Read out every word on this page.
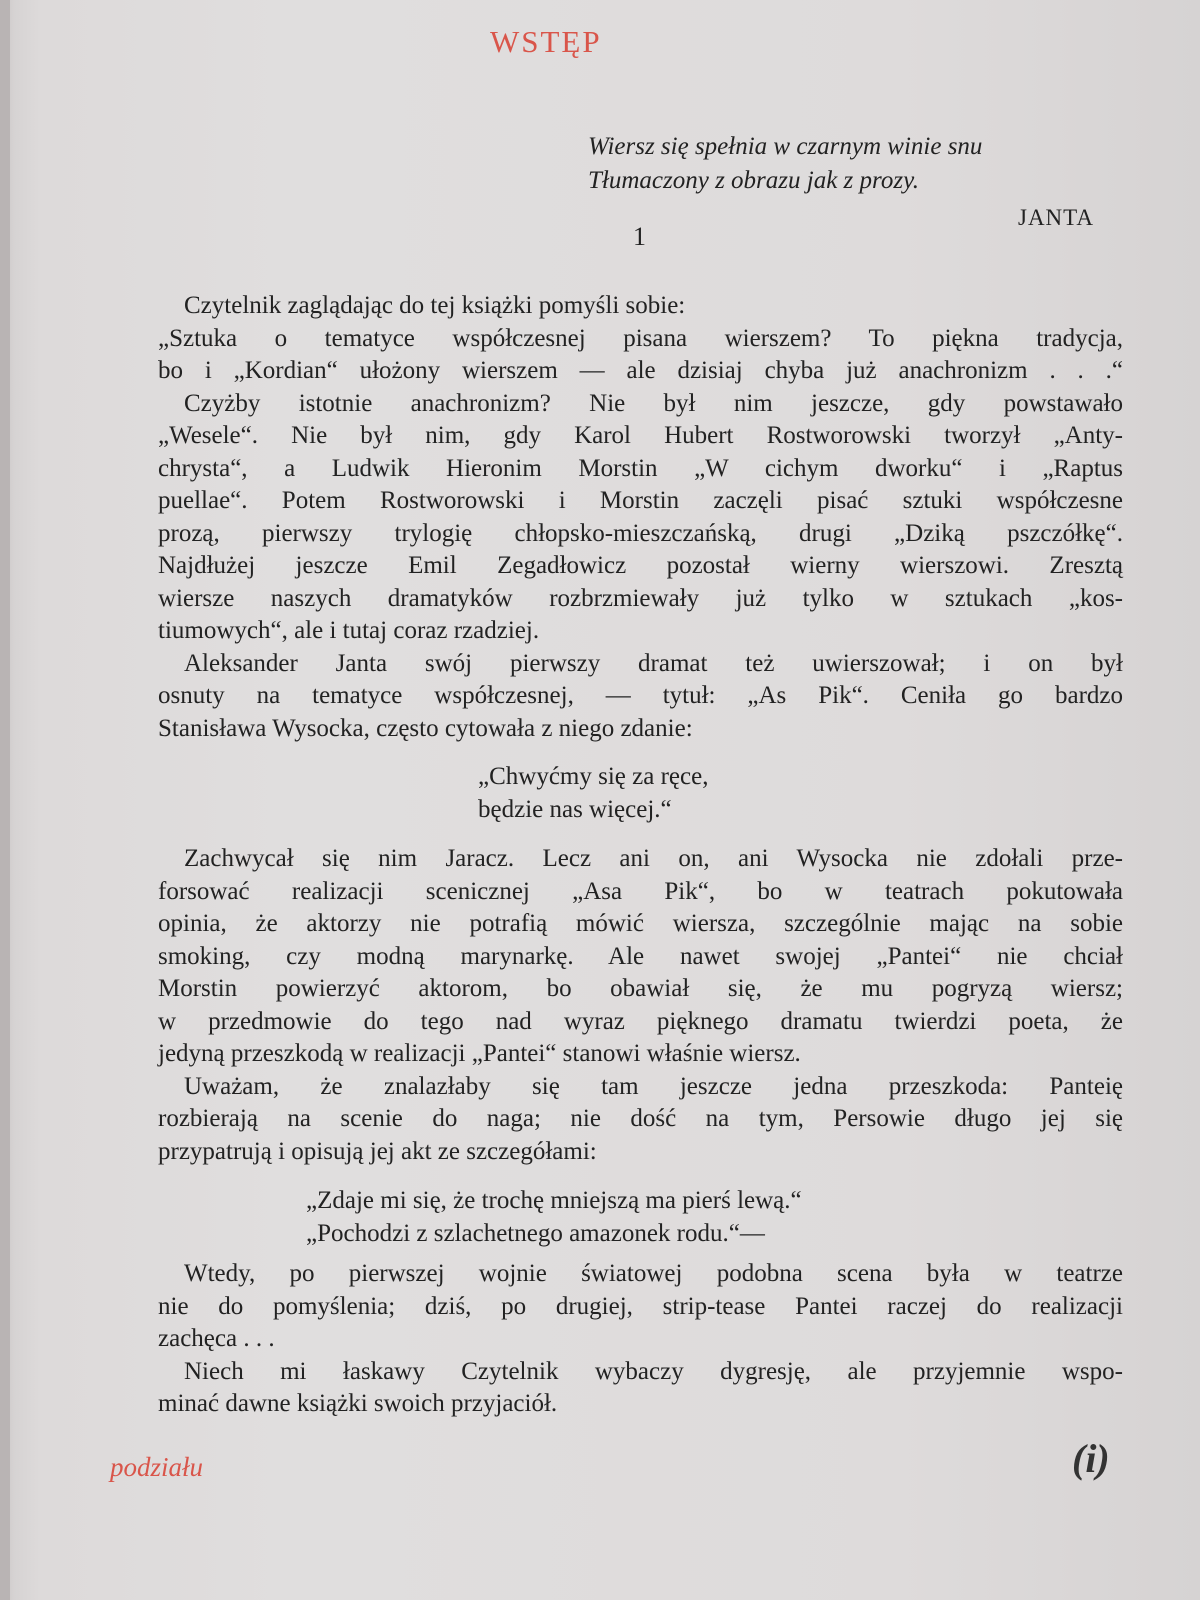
WSTĘP
Wiersz się spełnia w czarnym winie snu
Tłumaczony z obrazu jak z prozy.
JANTA
1
Czytelnik zaglądając do tej książki pomyśli sobie:
„Sztuka o tematyce współczesnej pisana wierszem? To piękna tradycja,
bo i „Kordian“ ułożony wierszem — ale dzisiaj chyba już anachronizm . . .“
Czyżby istotnie anachronizm? Nie był nim jeszcze, gdy powstawało
„Wesele“. Nie był nim, gdy Karol Hubert Rostworowski tworzył „Anty-
chrysta“, a Ludwik Hieronim Morstin „W cichym dworku“ i „Raptus
puellae“. Potem Rostworowski i Morstin zaczęli pisać sztuki współczesne
prozą, pierwszy trylogię chłopsko-mieszczańską, drugi „Dziką pszczółkę“.
Najdłużej jeszcze Emil Zegadłowicz pozostał wierny wierszowi. Zresztą
wiersze naszych dramatyków rozbrzmiewały już tylko w sztukach „kos-
tiumowych“, ale i tutaj coraz rzadziej.
Aleksander Janta swój pierwszy dramat też uwierszował; i on był
osnuty na tematyce współczesnej, — tytuł: „As Pik“. Ceniła go bardzo
Stanisława Wysocka, często cytowała z niego zdanie:
„Chwyćmy się za ręce,
będzie nas więcej.“
Zachwycał się nim Jaracz. Lecz ani on, ani Wysocka nie zdołali prze-
forsować realizacji scenicznej „Asa Pik“, bo w teatrach pokutowała
opinia, że aktorzy nie potrafią mówić wiersza, szczególnie mając na sobie
smoking, czy modną marynarkę. Ale nawet swojej „Pantei“ nie chciał
Morstin powierzyć aktorom, bo obawiał się, że mu pogryzą wiersz;
w przedmowie do tego nad wyraz pięknego dramatu twierdzi poeta, że
jedyną przeszkodą w realizacji „Pantei“ stanowi właśnie wiersz.
Uważam, że znalazłaby się tam jeszcze jedna przeszkoda: Panteię
rozbierają na scenie do naga; nie dość na tym, Persowie długo jej się
przypatrują i opisują jej akt ze szczegółami:
„Zdaje mi się, że trochę mniejszą ma pierś lewą.“
„Pochodzi z szlachetnego amazonek rodu.“—
Wtedy, po pierwszej wojnie światowej podobna scena była w teatrze
nie do pomyślenia; dziś, po drugiej, strip-tease Pantei raczej do realizacji
zachęca . . .
Niech mi łaskawy Czytelnik wybaczy dygresję, ale przyjemnie wspo-
minać dawne książki swoich przyjaciół.
podziału	(i)
